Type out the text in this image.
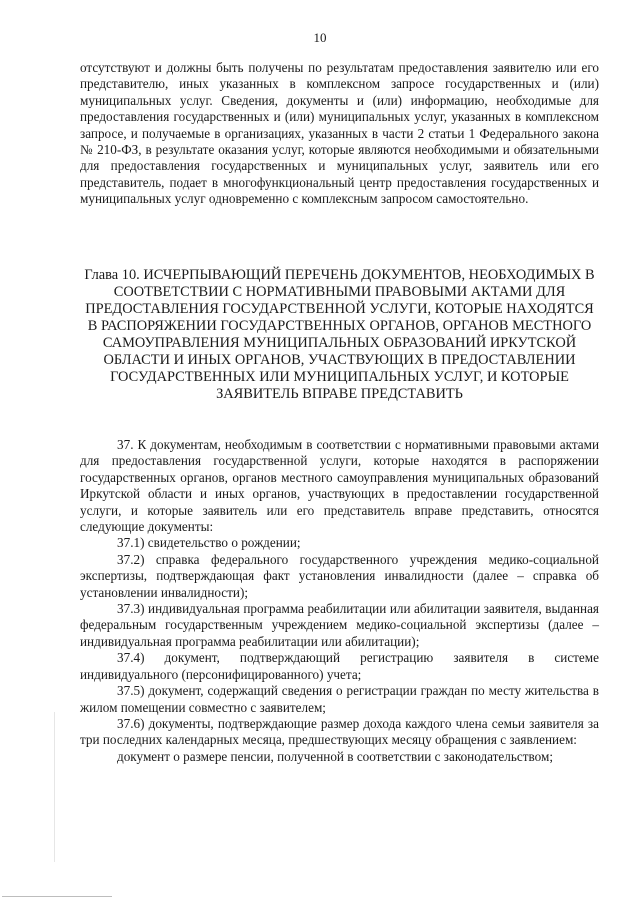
10

отсутствуют и должны быть получены по результатам предоставления заявителю или его представителю, иных указанных в комплексном запросе государственных и (или) муниципальных услуг. Сведения, документы и (или) информацию, необходимые для предоставления государственных и (или) муниципальных услуг, указанных в комплексном запросе, и получаемые в организациях, указанных в части 2 статьи 1 Федерального закона № 210-ФЗ, в результате оказания услуг, которые являются необходимыми и обязательными для предоставления государственных и муниципальных услуг, заявитель или его представитель, подает в многофункциональный центр предоставления государственных и муниципальных услуг одновременно с комплексным запросом самостоятельно.

Глава 10. ИСЧЕРПЫВАЮЩИЙ ПЕРЕЧЕНЬ ДОКУМЕНТОВ, НЕОБХОДИМЫХ В СООТВЕТСТВИИ С НОРМАТИВНЫМИ ПРАВОВЫМИ АКТАМИ ДЛЯ ПРЕДОСТАВЛЕНИЯ ГОСУДАРСТВЕННОЙ УСЛУГИ, КОТОРЫЕ НАХОДЯТСЯ В РАСПОРЯЖЕНИИ ГОСУДАРСТВЕННЫХ ОРГАНОВ, ОРГАНОВ МЕСТНОГО САМОУПРАВЛЕНИЯ МУНИЦИПАЛЬНЫХ ОБРАЗОВАНИЙ ИРКУТСКОЙ ОБЛАСТИ И ИНЫХ ОРГАНОВ, УЧАСТВУЮЩИХ В ПРЕДОСТАВЛЕНИИ ГОСУДАРСТВЕННЫХ ИЛИ МУНИЦИПАЛЬНЫХ УСЛУГ, И КОТОРЫЕ ЗАЯВИТЕЛЬ ВПРАВЕ ПРЕДСТАВИТЬ

37. К документам, необходимым в соответствии с нормативными правовыми актами для предоставления государственной услуги, которые находятся в распоряжении государственных органов, органов местного самоуправления муниципальных образований Иркутской области и иных органов, участвующих в предоставлении государственной услуги, и которые заявитель или его представитель вправе представить, относятся следующие документы:

37.1) свидетельство о рождении;

37.2) справка федерального государственного учреждения медико-социальной экспертизы, подтверждающая факт установления инвалидности (далее – справка об установлении инвалидности);

37.3) индивидуальная программа реабилитации или абилитации заявителя, выданная федеральным государственным учреждением медико-социальной экспертизы (далее – индивидуальная программа реабилитации или абилитации);

37.4) документ, подтверждающий регистрацию заявителя в системе индивидуального (персонифицированного) учета;

37.5) документ, содержащий сведения о регистрации граждан по месту жительства в жилом помещении совместно с заявителем;

37.6) документы, подтверждающие размер дохода каждого члена семьи заявителя за три последних календарных месяца, предшествующих месяцу обращения с заявлением:

документ о размере пенсии, полученной в соответствии с законодательством;
